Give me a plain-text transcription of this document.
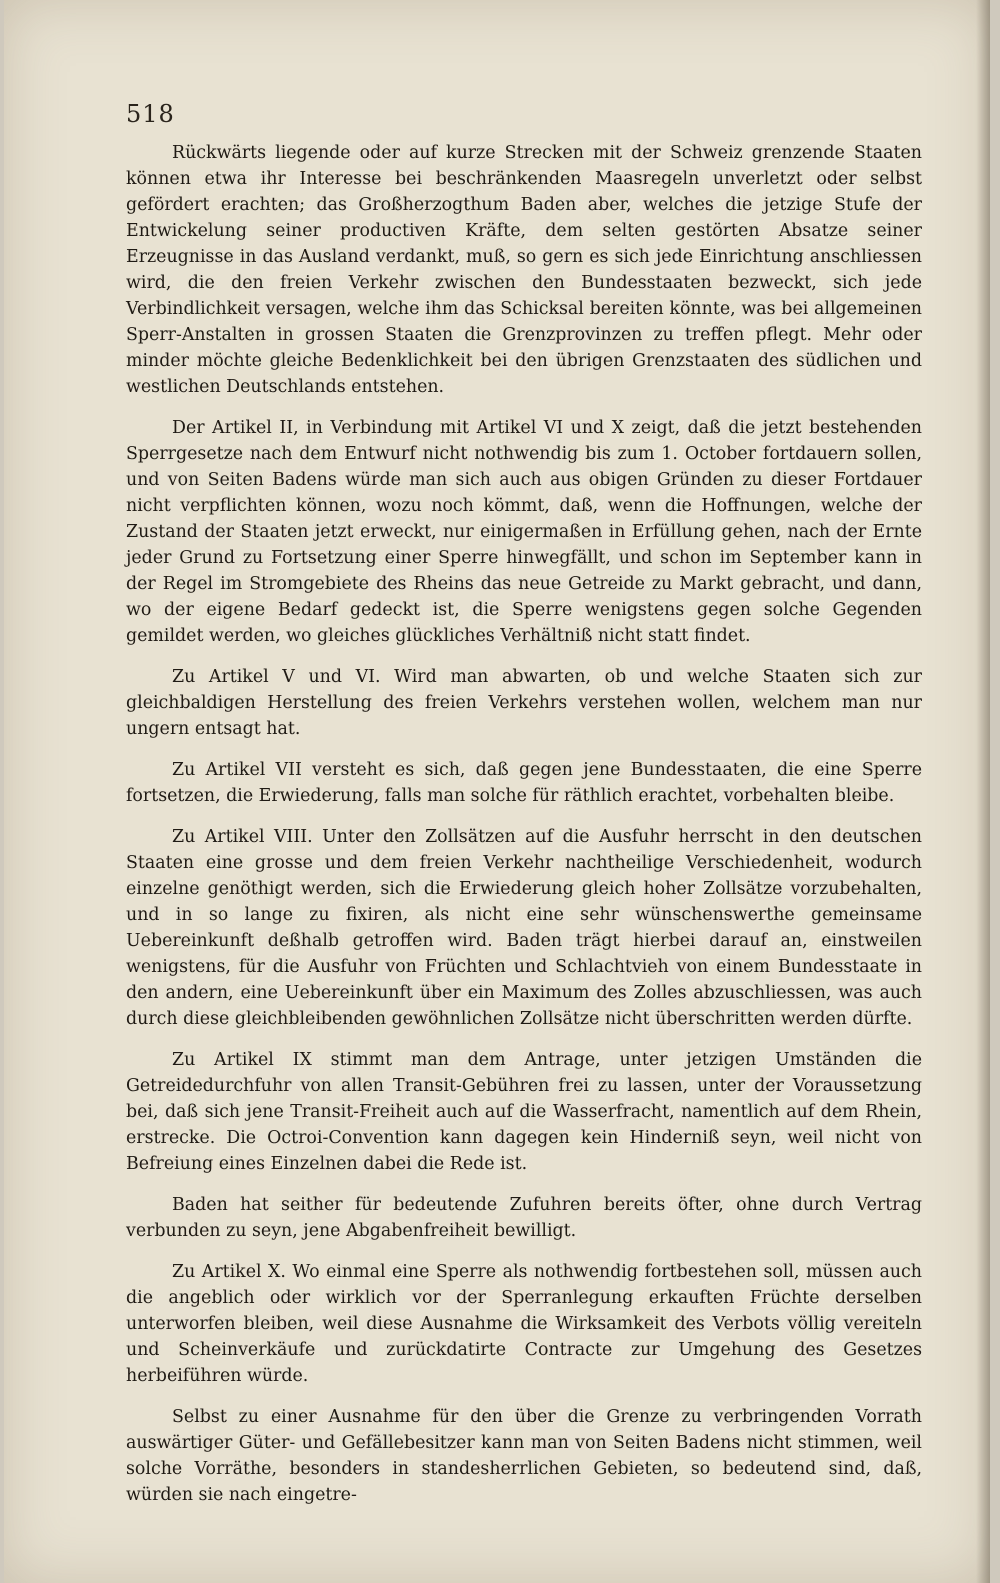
518

Rückwärts liegende oder auf kurze Strecken mit der Schweiz grenzende Staaten können etwa ihr Interesse bei beschränkenden Maasregeln unverletzt oder selbst gefördert erachten; das Großherzogthum Baden aber, welches die jetzige Stufe der Entwickelung seiner productiven Kräfte, dem selten gestörten Absatze seiner Erzeugnisse in das Ausland verdankt, muß, so gern es sich jede Einrichtung anschliessen wird, die den freien Verkehr zwischen den Bundesstaaten bezweckt, sich jede Verbindlichkeit versagen, welche ihm das Schicksal bereiten könnte, was bei allgemeinen Sperr-Anstalten in grossen Staaten die Grenzprovinzen zu treffen pflegt. Mehr oder minder möchte gleiche Bedenklichkeit bei den übrigen Grenzstaaten des südlichen und westlichen Deutschlands entstehen.

Der Artikel II, in Verbindung mit Artikel VI und X zeigt, daß die jetzt bestehenden Sperrgesetze nach dem Entwurf nicht nothwendig bis zum 1. October fortdauern sollen, und von Seiten Badens würde man sich auch aus obigen Gründen zu dieser Fortdauer nicht verpflichten können, wozu noch kömmt, daß, wenn die Hoffnungen, welche der Zustand der Staaten jetzt erweckt, nur einigermaßen in Erfüllung gehen, nach der Ernte jeder Grund zu Fortsetzung einer Sperre hinwegfällt, und schon im September kann in der Regel im Stromgebiete des Rheins das neue Getreide zu Markt gebracht, und dann, wo der eigene Bedarf gedeckt ist, die Sperre wenigstens gegen solche Gegenden gemildet werden, wo gleiches glückliches Verhältniß nicht statt findet.

Zu Artikel V und VI. Wird man abwarten, ob und welche Staaten sich zur gleichbaldigen Herstellung des freien Verkehrs verstehen wollen, welchem man nur ungern entsagt hat.

Zu Artikel VII versteht es sich, daß gegen jene Bundesstaaten, die eine Sperre fortsetzen, die Erwiederung, falls man solche für räthlich erachtet, vorbehalten bleibe.

Zu Artikel VIII. Unter den Zollsätzen auf die Ausfuhr herrscht in den deutschen Staaten eine grosse und dem freien Verkehr nachtheilige Verschiedenheit, wodurch einzelne genöthigt werden, sich die Erwiederung gleich hoher Zollsätze vorzubehalten, und in so lange zu fixiren, als nicht eine sehr wünschenswerthe gemeinsame Uebereinkunft deßhalb getroffen wird. Baden trägt hierbei darauf an, einstweilen wenigstens, für die Ausfuhr von Früchten und Schlachtvieh von einem Bundesstaate in den andern, eine Uebereinkunft über ein Maximum des Zolles abzuschliessen, was auch durch diese gleichbleibenden gewöhnlichen Zollsätze nicht überschritten werden dürfte.

Zu Artikel IX stimmt man dem Antrage, unter jetzigen Umständen die Getreidedurchfuhr von allen Transit-Gebühren frei zu lassen, unter der Voraussetzung bei, daß sich jene Transit-Freiheit auch auf die Wasserfracht, namentlich auf dem Rhein, erstrecke. Die Octroi-Convention kann dagegen kein Hinderniß seyn, weil nicht von Befreiung eines Einzelnen dabei die Rede ist.

Baden hat seither für bedeutende Zufuhren bereits öfter, ohne durch Vertrag verbunden zu seyn, jene Abgabenfreiheit bewilligt.

Zu Artikel X. Wo einmal eine Sperre als nothwendig fortbestehen soll, müssen auch die angeblich oder wirklich vor der Sperranlegung erkauften Früchte derselben unterworfen bleiben, weil diese Ausnahme die Wirksamkeit des Verbots völlig vereiteln und Scheinverkäufe und zurückdatirte Contracte zur Umgehung des Gesetzes herbeiführen würde.

Selbst zu einer Ausnahme für den über die Grenze zu verbringenden Vorrath auswärtiger Güter- und Gefällebesitzer kann man von Seiten Badens nicht stimmen, weil solche Vorräthe, besonders in standesherrlichen Gebieten, so bedeutend sind, daß, würden sie nach eingetre-
